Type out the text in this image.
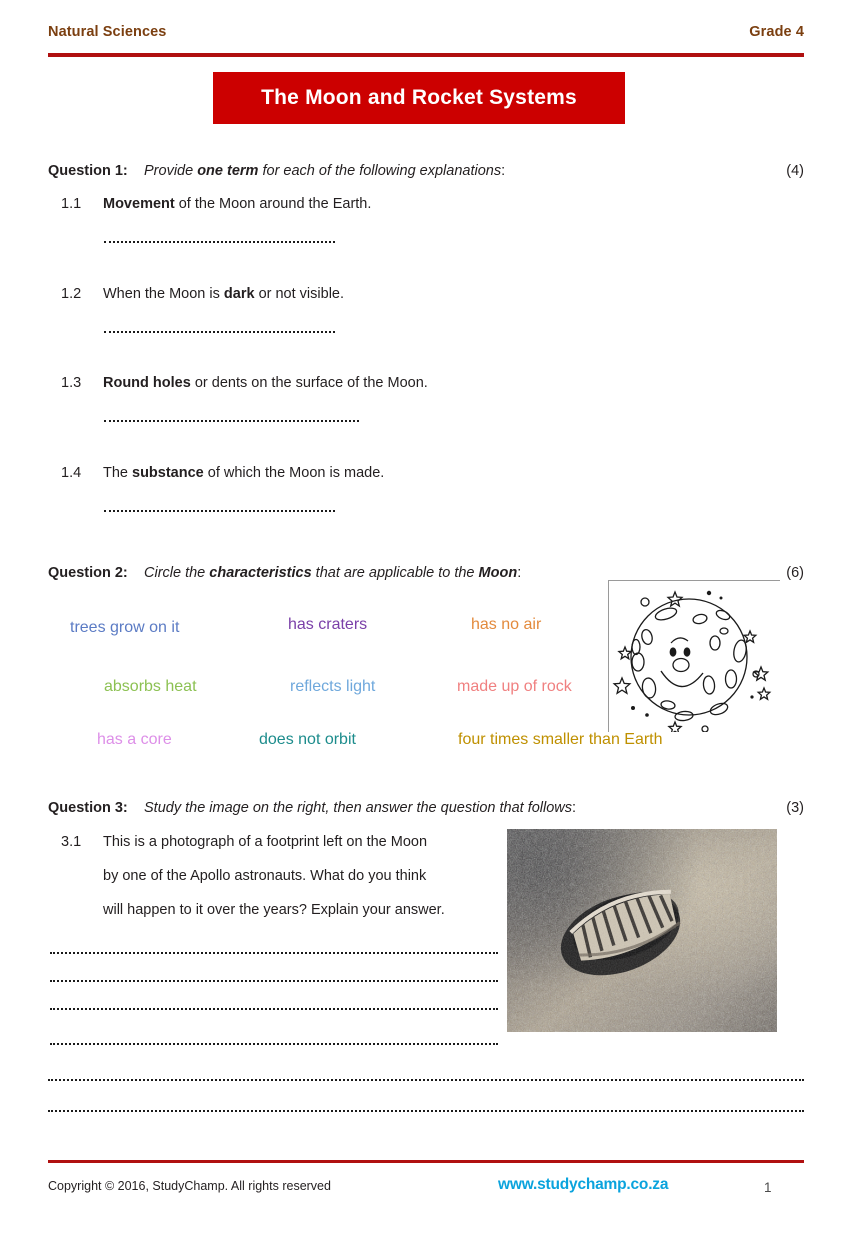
Natural Sciences	Grade 4
The Moon and Rocket Systems
Question 1:	Provide one term for each of the following explanations:	(4)
1.1	Movement of the Moon around the Earth.
1.2	When the Moon is dark or not visible.
1.3	Round holes or dents on the surface of the Moon.
1.4	The substance of which the Moon is made.
Question 2:	Circle the characteristics that are applicable to the Moon:	(6)
trees grow on it	has craters	has no air
absorbs heat	reflects light	made up of rock
has a core	does not orbit	four times smaller than Earth
Question 3:	Study the image on the right, then answer the question that follows:	(3)
3.1	This is a photograph of a footprint left on the Moon
by one of the Apollo astronauts. What do you think
will happen to it over the years? Explain your answer.
Copyright © 2016, StudyChamp. All rights reserved	www.studychamp.co.za	1
